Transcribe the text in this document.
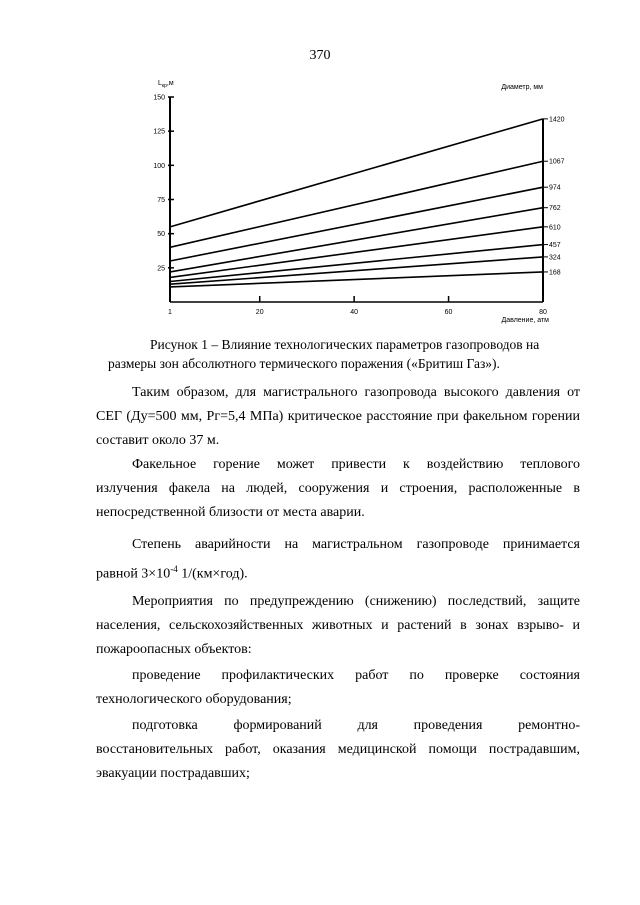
370
25
50
75
100
125
150
1	20	40	60	80
1420
1067
974
762
610
457
324
168
$L_{кр},м$
Диаметр, мм
Давление, атм
Рисунок 1 – Влияние технологических параметров газопроводов на
размеры зон абсолютного термического поражения («Бритиш Газ»).
Таким образом, для магистрального газопровода высокого давления от
СЕГ (Ду=500 мм, Рг=5,4 МПа) критическое расстояние при факельном горении составит около 37 м.
Факельное горение может привести к воздействию теплового
излучения факела на людей, сооружения и строения, расположенные в непосредственной близости от места аварии.
Степень аварийности на магистральном газопроводе принимается
равной $3\times 10^{-4}$ 1/(км×год).
Мероприятия по предупреждению (снижению) последствий, защите
населения, сельскохозяйственных животных и растений в зонах взрыво- и пожароопасных объектов:
проведение профилактических работ по проверке состояния
технологического оборудования;
подготовка формирований для проведения ремонтно-
восстановительных работ, оказания медицинской помощи пострадавшим, эвакуации пострадавших;
